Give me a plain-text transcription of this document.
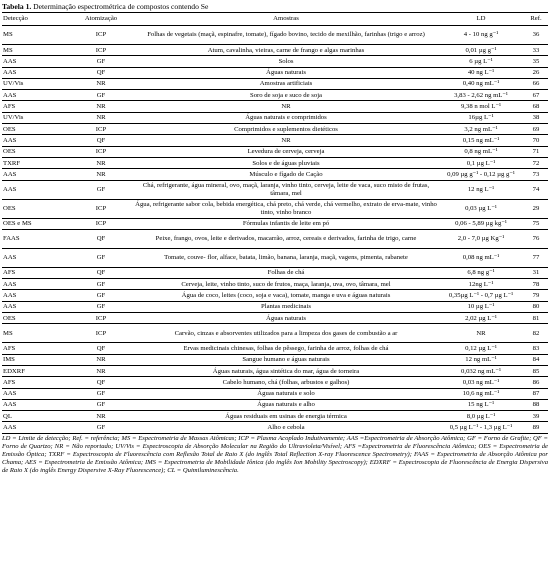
Tabela 1. Determinação espectrométrica de compostos contendo Se
Detecção	Atomização	Amostras	LD	Ref.
MS	ICP	Folhas de vegetais (maçã, espinafre, tomate), fígado bovino, tecido de mexilhão, farinhas (trigo e arroz)	4 - 10 ng g⁻¹	36
MS	ICP	Atum, cavalinha, vieiras, carne de frango e algas marinhas	0,01 µg g⁻¹	33
AAS	GF	Solos	6 µg L⁻¹	35
AAS	QF	Águas naturais	40 ng L⁻¹	26
UV/Vis	NR	Amostras artificiais	0,40 ng mL⁻¹	66
AAS	GF	Soro de soja e suco de soja	3,83 - 2,62 ng mL⁻¹	67
AFS	NR	NR	9,38 n mol L⁻¹	68
UV/Vis	NR	Águas naturais e comprimidos	16µg L⁻¹	38
OES	ICP	Comprimidos e suplementos dietéticos	3,2 ng mL⁻¹	69
AAS	QF	NR	0,15 ng mL⁻¹	70
OES	ICP	Levedura de cerveja, cerveja	0,8 ng mL⁻¹	71
TXRF	NR	Solos e de águas pluviais	0,1 µg L⁻¹	72
AAS	NR	Músculo e fígado de Cação	0,09 µg g⁻¹ - 0,12 µg g⁻¹	73
AAS	GF	Chá, refrigerante, água mineral, ovo, maçã, laranja, vinho tinto, cerveja, leite de vaca, suco misto de frutas, tâmara, mel	12 ng L⁻¹	74
OES	ICP	Água, refrigerante sabor cola, bebida energética, chá preto, chá verde, chá vermelho, extrato de erva-mate, vinho tinto, vinho branco	0,03 µg L⁻¹	29
OES e MS	ICP	Fórmulas infantis de leite em pó	0,06 - 5,89 µg kg⁻¹	75
FAAS	QF	Peixe, frango, ovos, leite e derivados, macarrão, arroz, cereais e derivados, farinha de trigo, carne	2,0 - 7,0 µg Kg⁻¹	76
AAS	GF	Tomate, couve- flor, alface, batata, limão, banana, laranja, maçã, vagens, pimenta, rabanete	0,08 ng mL⁻¹	77
AFS	QF	Folhas de chá	6,8 ng g⁻¹	31
AAS	GF	Cerveja, leite, vinho tinto, suco de frutos, maça, laranja, uva, ovo, tâmara, mel	12ng L⁻¹	78
AAS	GF	Água de coco, leites (coco, soja e vaca), tomate, manga e uva e águas naturais	0,35µg L⁻¹ - 0,7 µg L⁻¹	79
AAS	GF	Plantas medicinais	10 µg L⁻¹	80
OES	ICP	Águas naturais	2,02 µg L⁻¹	81
MS	ICP	Carvão, cinzas e absorventes utilizados para a limpeza dos gases de combustão a ar	NR	82
AFS	QF	Ervas medicinais chinesas, folhas de pêssego, farinha de arroz, folhas de chá	0,12 µg L⁻¹	83
IMS	NR	Sangue humano e águas naturais	12 ng mL⁻¹	84
EDXRF	NR	Águas naturais, água sintética do mar, água de torneira	0,032 ng mL⁻¹	85
AFS	QF	Cabelo humano, chá (folhas, arbustos e galhos)	0,03 ng mL⁻¹	86
AAS	GF	Águas naturais e solo	10,6 ng mL⁻¹	87
AAS	GF	Águas naturais e alho	15 ng L⁻¹	88
QL	NR	Águas residuais em usinas de energia térmica	8,0 µg L⁻¹	39
AAS	GF	Alho e cebola	0,5 µg L⁻¹ - 1,3 µg L⁻¹	89
LD = Limite de detecção; Ref. = referência; MS = Espectrometria de Massas Atômicas; ICP = Plasma Acoplado Indutivamente; AAS =Espectrometria de Absorção Atômica; GF = Forno de Grafite; QF = Forno de Quartzo; NR = Não reportado; UV/Vis = Espectroscopia de Absorção Molecular na Região do Ultravioleta/Visível; AFS =Espectrometria de Fluorescência Atômica; OES = Espectrometria de Emissão Óptica; TXRF = Espectroscopia de Fluorescência com Reflexão Total de Raio X (do inglês Total Reflection X-ray Fluorescence Spectrometry); FAAS = Espectrometria de Absorção Atômica por Chama; AES = Espectrometria de Emissão Atômica; IMS = Espectrometria de Mobilidade Iônica (do inglês Ion Mobility Spectroscopy); EDXRF = Espectroscopia de Fluorescência de Energia Dispersiva de Raio X (do inglês Energy Dispersive X-Ray Fluorescence); CL = Quimiluminescência.
